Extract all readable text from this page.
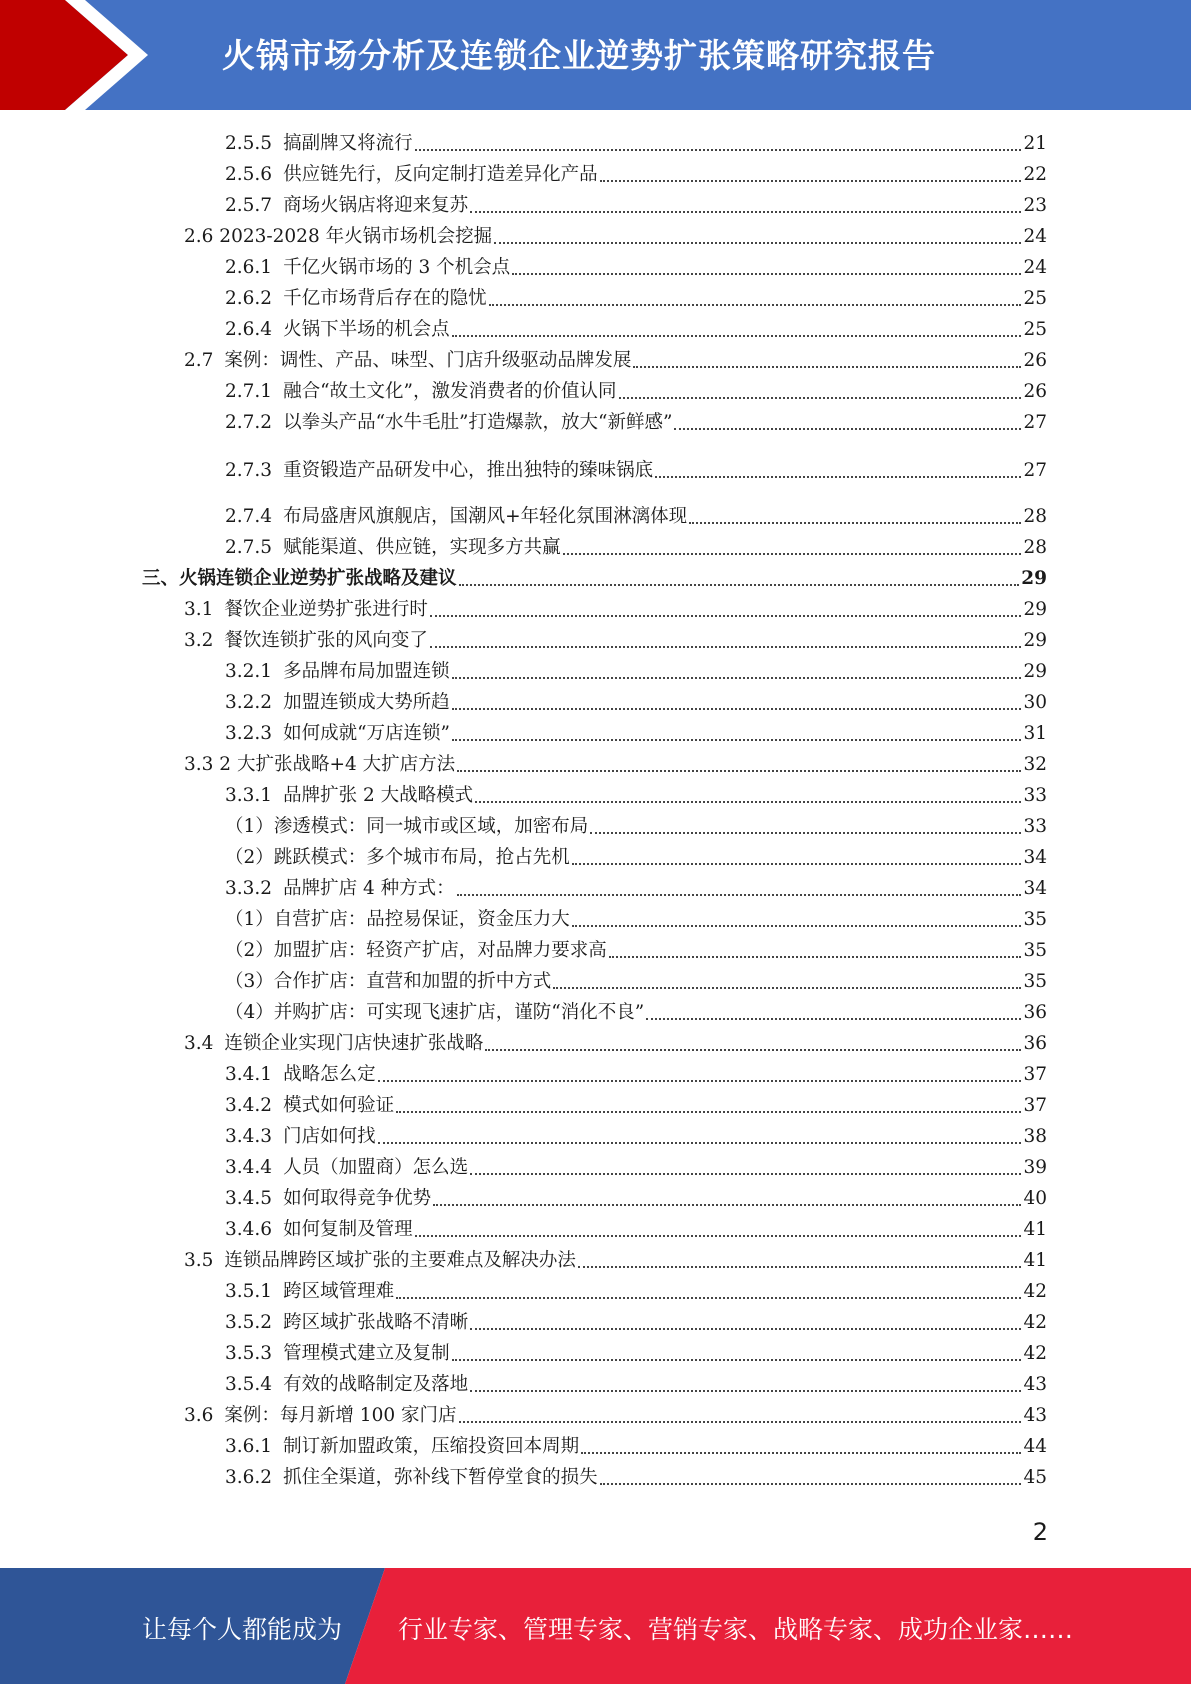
火锅市场分析及连锁企业逆势扩张策略研究报告
2.5.5 搞副牌又将流行	21
2.5.6 供应链先行，反向定制打造差异化产品	22
2.5.7 商场火锅店将迎来复苏	23
2.6 2023-2028 年火锅市场机会挖掘	24
2.6.1 千亿火锅市场的 3 个机会点	24
2.6.2 千亿市场背后存在的隐忧	25
2.6.4 火锅下半场的机会点	25
2.7 案例：调性、产品、味型、门店升级驱动品牌发展	26
2.7.1 融合“故土文化”，激发消费者的价值认同	26
2.7.2 以拳头产品“水牛毛肚”打造爆款，放大“新鲜感”	27
2.7.3 重资锻造产品研发中心，推出独特的臻味锅底	27
2.7.4 布局盛唐风旗舰店，国潮风+年轻化氛围淋漓体现	28
2.7.5 赋能渠道、供应链，实现多方共赢	28
三、火锅连锁企业逆势扩张战略及建议	29
3.1 餐饮企业逆势扩张进行时	29
3.2 餐饮连锁扩张的风向变了	29
3.2.1 多品牌布局加盟连锁	29
3.2.2 加盟连锁成大势所趋	30
3.2.3 如何成就“万店连锁”	31
3.3 2 大扩张战略+4 大扩店方法	32
3.3.1 品牌扩张 2 大战略模式	33
（1）渗透模式：同一城市或区域，加密布局	33
（2）跳跃模式：多个城市布局，抢占先机	34
3.3.2 品牌扩店 4 种方式：	34
（1）自营扩店：品控易保证，资金压力大	35
（2）加盟扩店：轻资产扩店，对品牌力要求高	35
（3）合作扩店：直营和加盟的折中方式	35
（4）并购扩店：可实现飞速扩店，谨防“消化不良”	36
3.4 连锁企业实现门店快速扩张战略	36
3.4.1 战略怎么定	37
3.4.2 模式如何验证	37
3.4.3 门店如何找	38
3.4.4 人员（加盟商）怎么选	39
3.4.5 如何取得竞争优势	40
3.4.6 如何复制及管理	41
3.5 连锁品牌跨区域扩张的主要难点及解决办法	41
3.5.1 跨区域管理难	42
3.5.2 跨区域扩张战略不清晰	42
3.5.3 管理模式建立及复制	42
3.5.4 有效的战略制定及落地	43
3.6 案例：每月新增 100 家门店	43
3.6.1 制订新加盟政策，压缩投资回本周期	44
3.6.2 抓住全渠道，弥补线下暂停堂食的损失	45
2
让每个人都能成为 行业专家、管理专家、营销专家、战略专家、成功企业家……
